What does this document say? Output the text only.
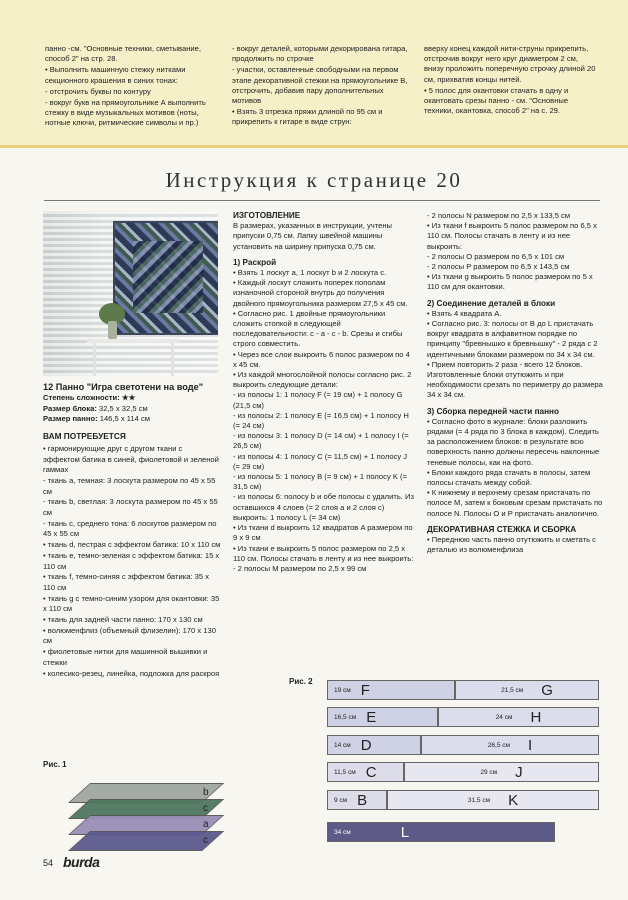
панно -см. "Основные техники, сметывание, способ 2" на стр. 28.

• Выполнить машинную стежку нитками секционного крашения в синих тонах:

- отстрочить буквы по контуру

- вокруг букв на прямоугольнике А выполнить стежку в виде музыкальных мотивов (ноты, нотные ключи, ритмические символы и пр.)

- вокруг деталей, которыми декорирована гитара, продолжить по строчке

- участки, оставленные свободными на первом этапе декоративной стежки на прямоугольнике В, отстрочить, добавив пару дополнительных мотивов

• Взять 3 отрезка пряжи длиной по 95 см и прикрепить к гитаре в виде струн:

вверху конец каждой нити-струны прикрепить, отстрочив вокруг него круг диаметром 2 см, внизу проложить поперечную строчку длиной 20 см, прихватив концы нитей.

• 5 полос для окантовки стачать в одну и окантовать срезы панно - см. "Основные техники, окантовка, способ 2" на с. 29.

Инструкция к странице 20

12 Панно "Игра светотени на воде"

Степень сложности: ★★

Размер блока: 32,5 x 32,5 см

Размер панно: 146,5 x 114 см

ВАМ ПОТРЕБУЕТСЯ

• гармонирующие друг с другом ткани с эффектом батика в синей, фиолетовой и зеленой гаммах

- ткань a, темная: 3 лоскута размером по 45 x 55 см

- ткань b, светлая: 3 лоскута размером по 45 x 55 см

- ткань c, среднего тона: 6 лоскутов размером по 45 x 55 см

• ткань d, пестрая с эффектом батика: 10 x 110 см

• ткань e, темно-зеленая с эффектом батика: 15 x 110 см

• ткань f, темно-синяя с эффектом батика: 35 x 110 см

• ткань g с темно-синим узором для окантовки: 35 x 110 см

• ткань для задней части панно: 170 x 130 см

• волюменфлиз (объемный флизелин): 170 x 130 см

• фиолетовые нитки для машинной вышивки и стежки

• колесико-резец, линейка, подложка для раскроя

ИЗГОТОВЛЕНИЕ

В размерах, указанных в инструкции, учтены припуски 0,75 см. Лапку швейной машины установить на ширину припуска 0,75 см.

1) Раскрой

• Взять 1 лоскут a, 1 лоскут b и 2 лоскута c.

• Каждый лоскут сложить поперек пополам изнаночной стороной внутрь до получения двойного прямоугольника размером 27,5 x 45 см.

• Согласно рис. 1 двойные прямоугольники сложить стопкой в следующей последовательности: c - a - c - b. Срезы и сгибы строго совместить.

• Через все слои выкроить 6 полос размером по 4 x 45 см.

• Из каждой многослойной полосы согласно рис. 2 выкроить следующие детали:

- из полосы 1: 1 полосу F (= 19 см) + 1 полосу G (21,5 см)

- из полосы 2: 1 полосу E (= 16,5 см) + 1 полосу H (= 24 см)

- из полосы 3: 1 полосу D (= 14 см) + 1 полосу I (= 26,5 см)

- из полосы 4: 1 полосу C (= 11,5 см) + 1 полосу J (= 29 см)

- из полосы 5: 1 полосу B (= 9 см) + 1 полосу K (= 31,5 см)

- из полосы 6: полосу b и обе полосы c удалить. Из оставшихся 4 слоев (= 2 слоя a и 2 слоя c) выкроить: 1 полосу L (= 34 см)

• Из ткани d выкроить 12 квадратов A размером по 9 x 9 см

• Из ткани e выкроить 5 полос размером по 2,5 x 110 см. Полосы стачать в ленту и из нее выкроить:

- 2 полосы M размером по 2,5 x 99 см

- 2 полосы N размером по 2,5 x 133,5 см

• Из ткани f выкроить 5 полос размером по 6,5 x 110 см. Полосы стачать в ленту и из нее выкроить:

- 2 полосы O размером по 6,5 x 101 см

- 2 полосы P размером по 6,5 x 143,5 см

• Из ткани g выкроить 5 полос размером по 5 x 110 см для окантовки.

2) Соединение деталей в блоки

• Взять 4 квадрата A.

• Согласно рис. 3: полосы от B до L пристачать вокруг квадрата в алфавитном порядке по принципу "бревнышко к бревнышку" - 2 ряда с 2 идентичными блоками размером по 34 x 34 см.

• Прием повторить 2 раза - всего 12 блоков. Изготовленные блоки отутюжить и при необходимости срезать по периметру до размера 34 x 34 см.

3) Сборка передней части панно

• Согласно фото в журнале: блоки разложить рядами (= 4 ряда по 3 блока в каждом). Следить за расположением блоков: в результате всю поверхность панно должны пересечь наклонные теневые полосы, как на фото.

• Блоки каждого ряда стачать в полосы, затем полосы стачать между собой.

• К нижнему и верхнему срезам пристачать по полосе M, затем к боковым срезам пристачать по полосе N. Полосы O и P пристачать аналогично.

ДЕКОРАТИВНАЯ СТЕЖКА И СБОРКА

• Переднюю часть панно отутюжить и сметать с деталью из волюменфлиза

Рис. 1
b
c
a
c
Рис. 2
19 см F	21,5 см G
16,5 см E	24 см H
14 см D	26,5 см I
11,5 см C	29 см J
9 см B	31,5 см K
34 см	L
54 burda
